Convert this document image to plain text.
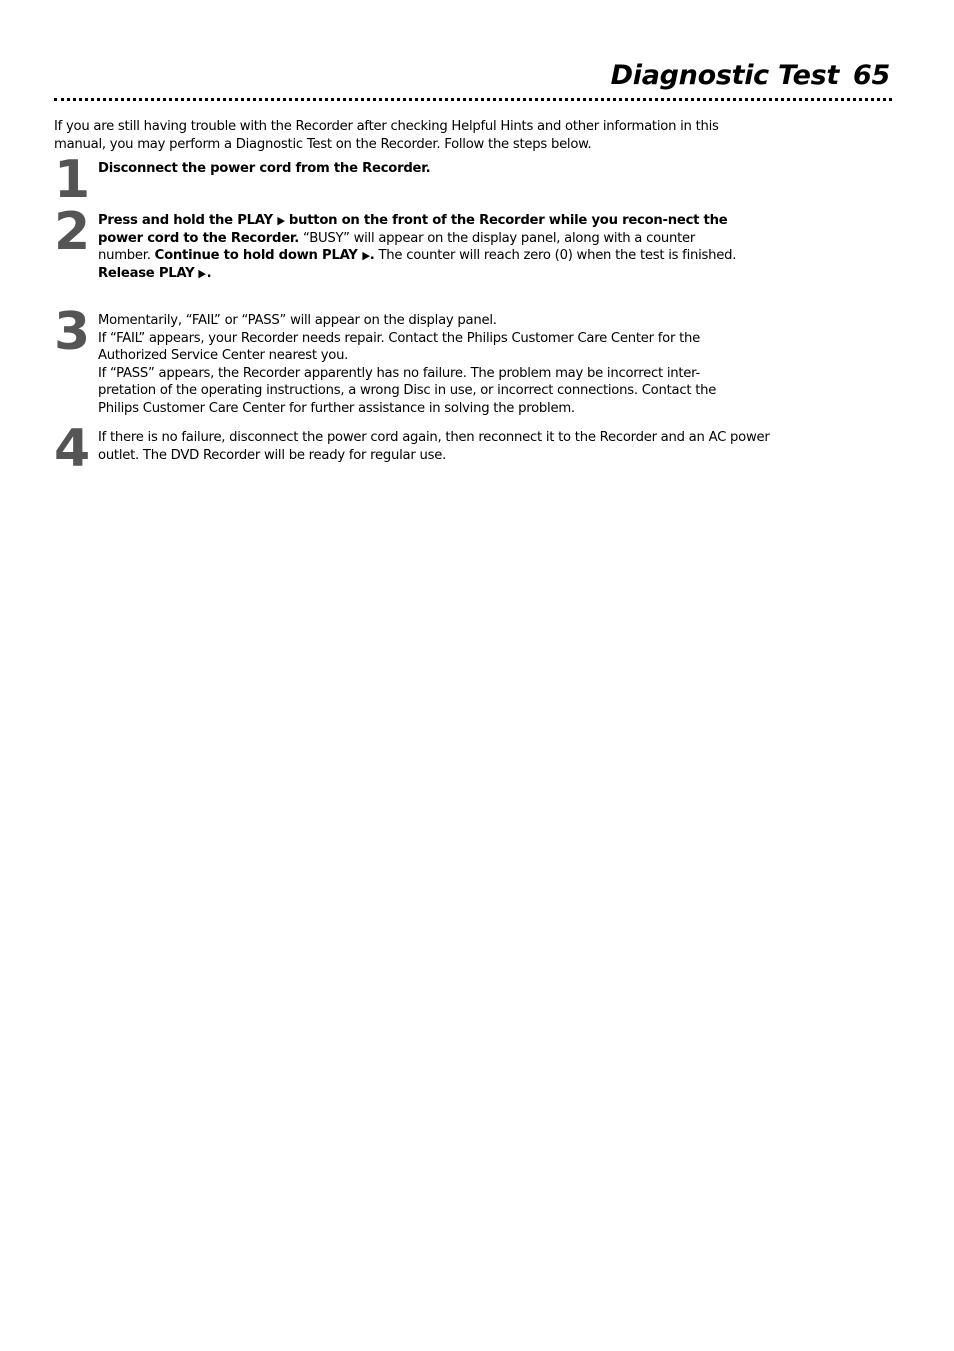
Diagnostic Test 65
If you are still having trouble with the Recorder after checking Helpful Hints and other information in this manual, you may perform a Diagnostic Test on the Recorder. Follow the steps below.
1 Disconnect the power cord from the Recorder.

2 Press and hold the PLAY ▶ button on the front of the Recorder while you recon-nect the power cord to the Recorder. “BUSY” will appear on the display panel, along with a counter number. Continue to hold down PLAY ▶. The counter will reach zero (0) when the test is finished. Release PLAY ▶.

3 Momentarily, “FAIL” or “PASS” will appear on the display panel.

If “FAIL” appears, your Recorder needs repair. Contact the Philips Customer Care Center for the Authorized Service Center nearest you.

If “PASS” appears, the Recorder apparently has no failure. The problem may be incorrect inter-pretation of the operating instructions, a wrong Disc in use, or incorrect connections. Contact the Philips Customer Care Center for further assistance in solving the problem.

4 If there is no failure, disconnect the power cord again, then reconnect it to the Recorder and an AC power outlet. The DVD Recorder will be ready for regular use.
